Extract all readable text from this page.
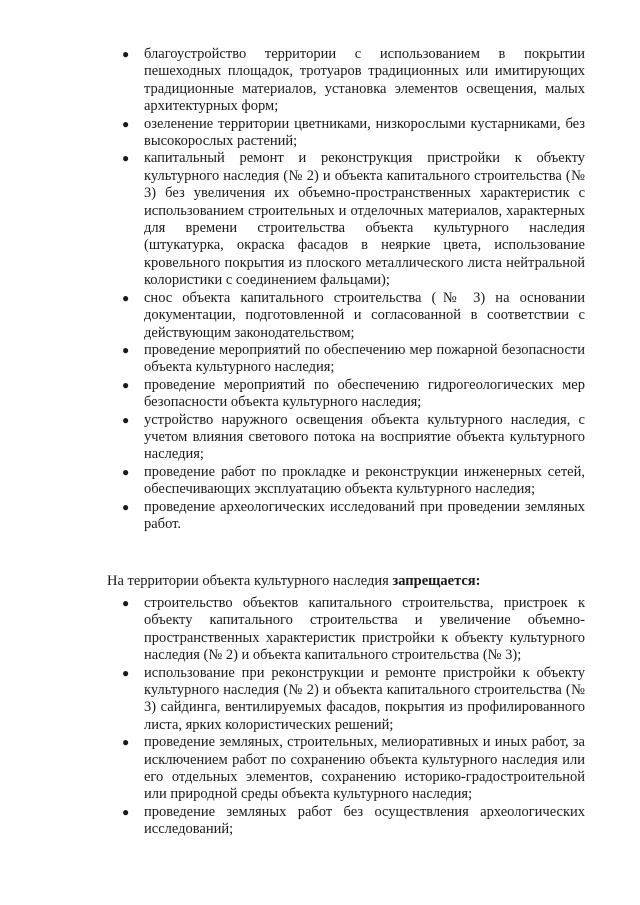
●
благоустройство территории с использованием в покрытии пешеходных площадок, тротуаров традиционных или имитирующих традиционные материалов, установка элементов освещения, малых архитектурных форм;
●
озеленение территории цветниками, низкорослыми кустарниками, без высокорослых растений;
●
капитальный ремонт и реконструкция пристройки к объекту культурного наследия (№ 2) и объекта капитального строительства (№ 3) без увеличения их объемно-пространственных характеристик с использованием строительных и отделочных материалов, характерных для времени строительства объекта культурного наследия (штукатурка, окраска фасадов в неяркие цвета, использование кровельного покрытия из плоского металлического листа нейтральной колористики с соединением фальцами);
●
снос объекта капитального строительства (№ 3) на основании документации, подготовленной и согласованной в соответствии с действующим законодательством;
●
проведение мероприятий по обеспечению мер пожарной безопасности объекта культурного наследия;
●
проведение мероприятий по обеспечению гидрогеологических мер безопасности объекта культурного наследия;
●
устройство наружного освещения объекта культурного наследия, с учетом влияния светового потока на восприятие объекта культурного наследия;
●
проведение работ по прокладке и реконструкции инженерных сетей, обеспечивающих эксплуатацию объекта культурного наследия;
●
проведение археологических исследований при проведении земляных работ.

На территории объекта культурного наследия запрещается:

●
строительство объектов капитального строительства, пристроек к объекту капитального строительства и увеличение объемно-пространственных характеристик пристройки к объекту культурного наследия (№ 2) и объекта капитального строительства (№ 3);
●
использование при реконструкции и ремонте пристройки к объекту культурного наследия (№ 2) и объекта капитального строительства (№ 3) сайдинга, вентилируемых фасадов, покрытия из профилированного листа, ярких колористических решений;
●
проведение земляных, строительных, мелиоративных и иных работ, за исключением работ по сохранению объекта культурного наследия или его отдельных элементов, сохранению историко-градостроительной или природной среды объекта культурного наследия;
●
проведение земляных работ без осуществления археологических исследований;
